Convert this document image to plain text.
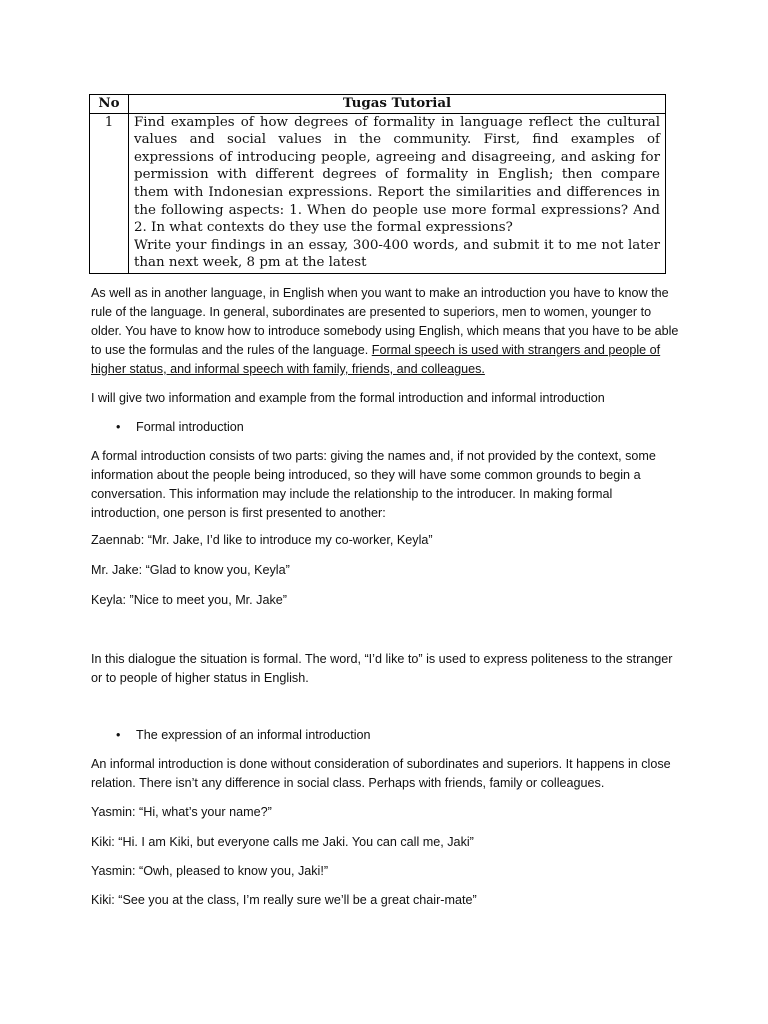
No	Tugas Tutorial
1	Find examples of how degrees of formality in language reflect the cultural values and social values in the community. First, find examples of expressions of introducing people, agreeing and disagreeing, and asking for permission with different degrees of formality in English; then compare them with Indonesian expressions. Report the similarities and differences in the following aspects: 1. When do people use more formal expressions? And 2. In what contexts do they use the formal expressions?

Write your findings in an essay, 300-400 words, and submit it to me not later than next week, 8 pm at the latest

As well as in another language, in English when you want to make an introduction you have to know the rule of the language. In general, subordinates are presented to superiors, men to women, younger to older. You have to know how to introduce somebody using English, which means that you have to be able to use the formulas and the rules of the language. Formal speech is used with strangers and people of higher status, and informal speech with family, friends, and colleagues.

I will give two information and example from the formal introduction and informal introduction

•	Formal introduction

A formal introduction consists of two parts: giving the names and, if not provided by the context, some information about the people being introduced, so they will have some common grounds to begin a conversation. This information may include the relationship to the introducer. In making formal introduction, one person is first presented to another:

Zaennab: “Mr. Jake, I’d like to introduce my co-worker, Keyla”

Mr. Jake: “Glad to know you, Keyla”

Keyla: ”Nice to meet you, Mr. Jake”

In this dialogue the situation is formal. The word, “I’d like to” is used to express politeness to the stranger or to people of higher status in English.

•	The expression of an informal introduction

An informal introduction is done without consideration of subordinates and superiors. It happens in close relation. There isn’t any difference in social class. Perhaps with friends, family or colleagues.

Yasmin: “Hi, what’s your name?”

Kiki: “Hi. I am Kiki, but everyone calls me Jaki. You can call me, Jaki”

Yasmin: “Owh, pleased to know you, Jaki!”

Kiki: “See you at the class, I’m really sure we’ll be a great chair-mate”
